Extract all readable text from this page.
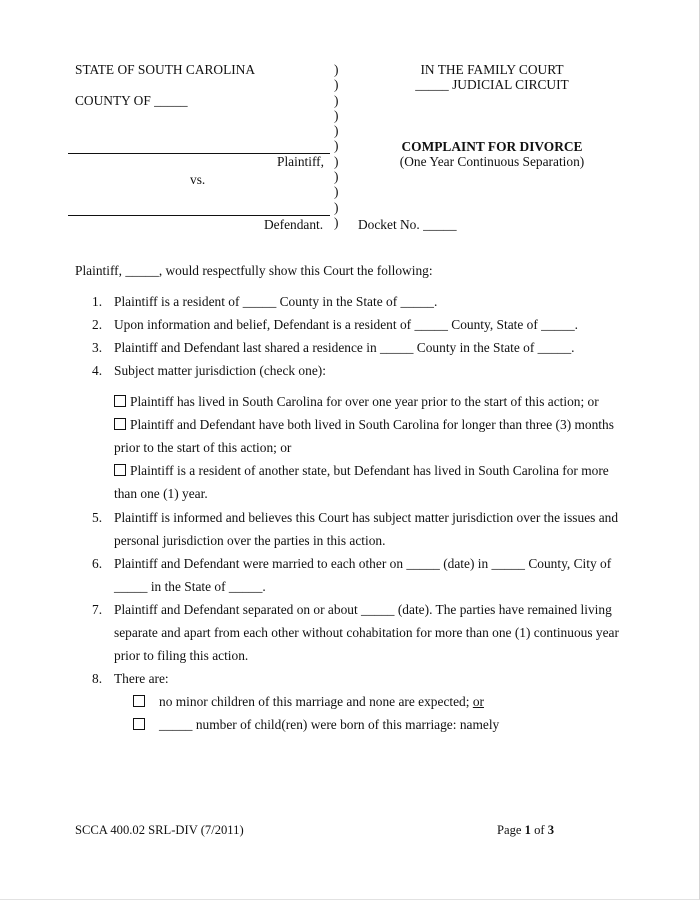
STATE OF SOUTH CAROLINA
COUNTY OF _____
Plaintiff,
vs.
Defendant.
)
)
)
)
)
)
)
)
)
)
)
IN THE FAMILY COURT
_____ JUDICIAL CIRCUIT
COMPLAINT FOR DIVORCE
(One Year Continuous Separation)
Docket No. _____
Plaintiff, _____, would respectfully show this Court the following:
1. Plaintiff is a resident of _____ County in the State of _____.
2. Upon information and belief, Defendant is a resident of _____ County, State of _____.
3. Plaintiff and Defendant last shared a residence in _____ County in the State of _____.
4. Subject matter jurisdiction (check one):
Plaintiff has lived in South Carolina for over one year prior to the start of this action; or
Plaintiff and Defendant have both lived in South Carolina for longer than three (3) months
prior to the start of this action; or
Plaintiff is a resident of another state, but Defendant has lived in South Carolina for more
than one (1) year.
5. Plaintiff is informed and believes this Court has subject matter jurisdiction over the issues and
personal jurisdiction over the parties in this action.
6. Plaintiff and Defendant were married to each other on _____ (date) in _____ County, City of
_____ in the State of _____.
7. Plaintiff and Defendant separated on or about _____ (date). The parties have remained living
separate and apart from each other without cohabitation for more than one (1) continuous year
prior to filing this action.
8. There are:
no minor children of this marriage and none are expected; or
_____ number of child(ren) were born of this marriage: namely
SCCA 400.02 SRL-DIV (7/2011)	Page 1 of 3
